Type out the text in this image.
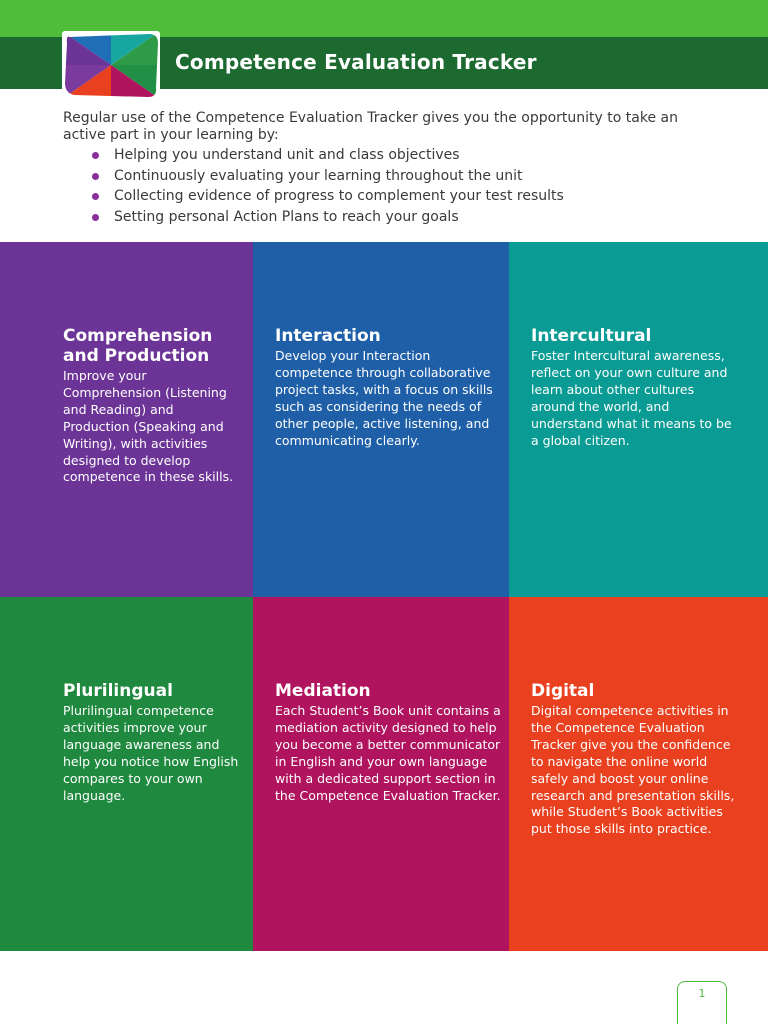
Competence Evaluation Tracker

Regular use of the Competence Evaluation Tracker gives you the opportunity to take an active part in your learning by:

Helping you understand unit and class objectives
Continuously evaluating your learning throughout the unit
Collecting evidence of progress to complement your test results
Setting personal Action Plans to reach your goals
Comprehension and Production
Improve your Comprehension (Listening and Reading) and Production (Speaking and Writing), with activities designed to develop competence in these skills.
Interaction
Develop your Interaction competence through collaborative project tasks, with a focus on skills such as considering the needs of other people, active listening, and communicating clearly.
Intercultural
Foster Intercultural awareness, reflect on your own culture and learn about other cultures around the world, and understand what it means to be a global citizen.
Plurilingual
Plurilingual competence activities improve your language awareness and help you notice how English compares to your own language.
Mediation
Each Student’s Book unit contains a mediation activity designed to help you become a better communicator in English and your own language with a dedicated support section in the Competence Evaluation Tracker.
Digital
Digital competence activities in the Competence Evaluation Tracker give you the confidence to navigate the online world safely and boost your online research and presentation skills, while Student’s Book activities put those skills into practice.
1
